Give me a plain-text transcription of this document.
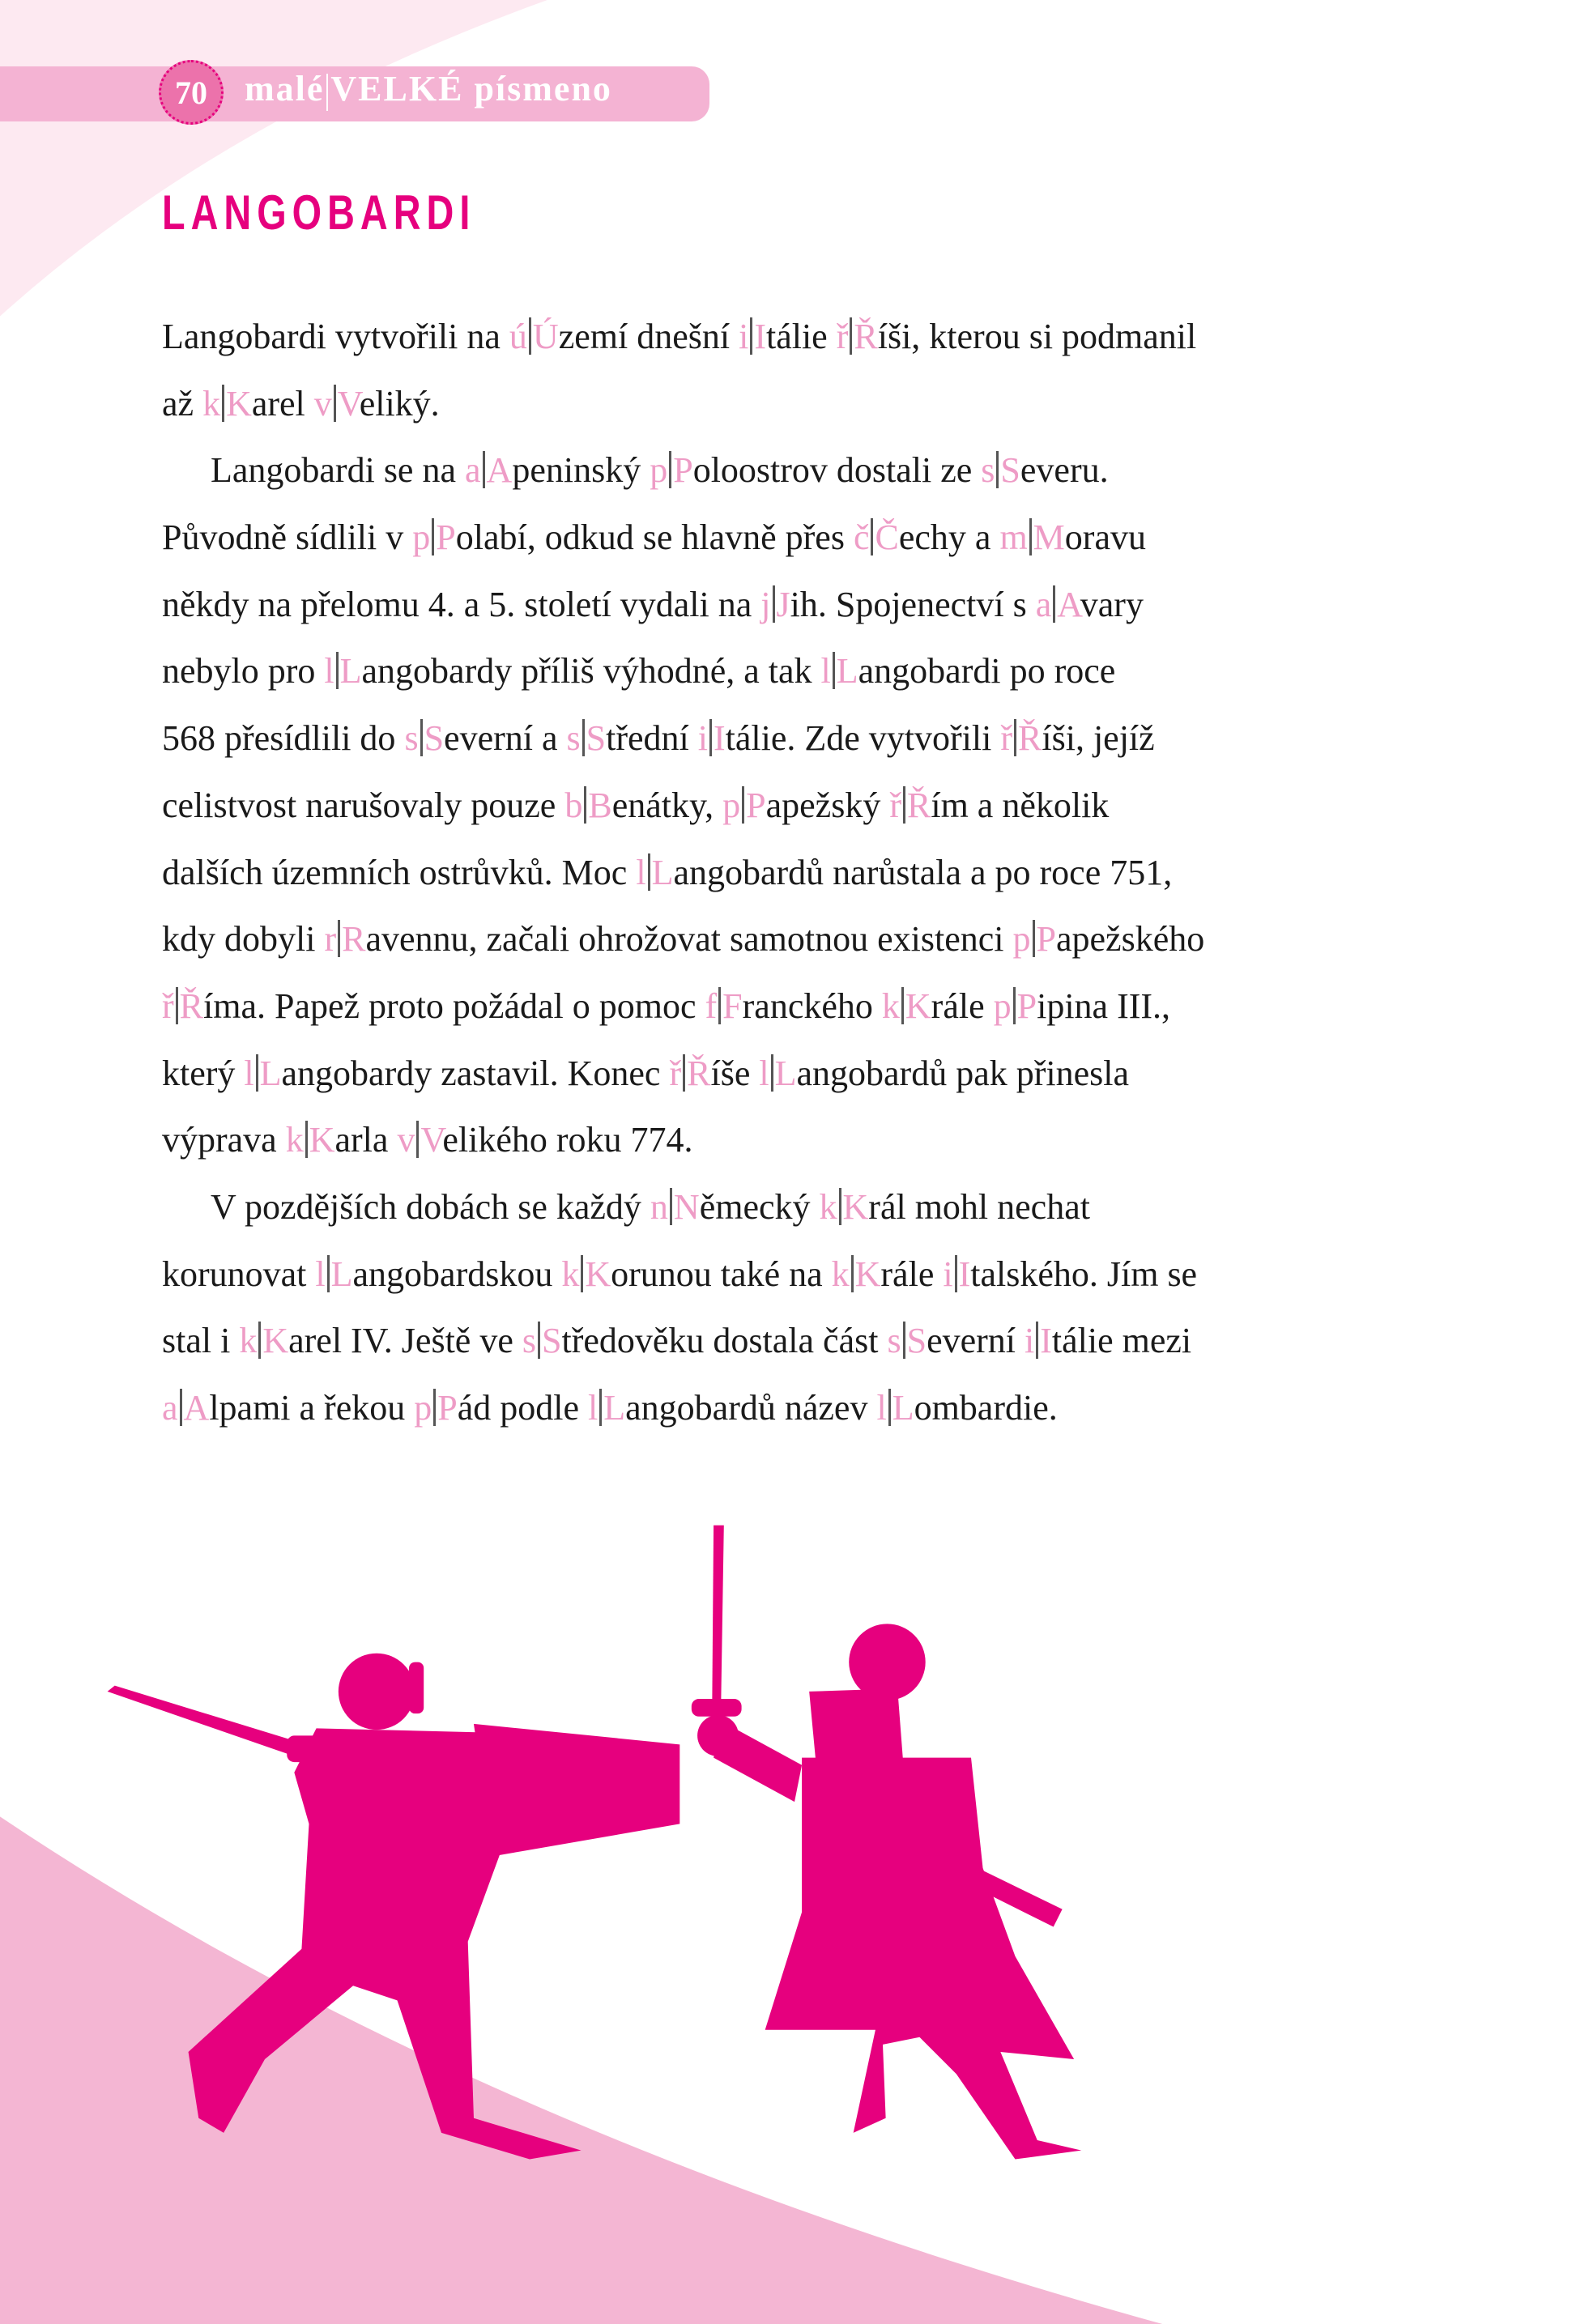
70	malé VELKÉ písmeno
LANGOBARDI
Langobardi vytvořili na ú Území dnešní i Itálie ř Říši, kterou si podmanil
až k Karel v Veliký.
Langobardi se na a Apeninský p Poloostrov dostali ze s Severu.
Původně sídlili v p Polabí, odkud se hlavně přes č Čechy a m Moravu
někdy na přelomu 4. a 5. století vydali na j Jih. Spojenectví s a Avary
nebylo pro l Langobardy příliš výhodné, a tak l Langobardi po roce
568 přesídlili do s Severní a s Střední i Itálie. Zde vytvořili ř Říši, jejíž
celistvost narušovaly pouze b Benátky, p Papežský ř Řím a několik
dalších územních ostrůvků. Moc l Langobardů narůstala a po roce 751,
kdy dobyli r Ravennu, začali ohrožovat samotnou existenci p Papežského
ř Říma. Papež proto požádal o pomoc f Franckého k Krále p Pipina III.,
který l Langobardy zastavil. Konec ř Říše l Langobardů pak přinesla
výprava k Karla v Velikého roku 774.
V pozdějších dobách se každý n Německý k Král mohl nechat
korunovat l Langobardskou k Korunou také na k Krále i Italského. Jím se
stal i k Karel IV. Ještě ve s Středověku dostala část s Severní i Itálie mezi
a Alpami a řekou p Pád podle l Langobardů název l Lombardie.
